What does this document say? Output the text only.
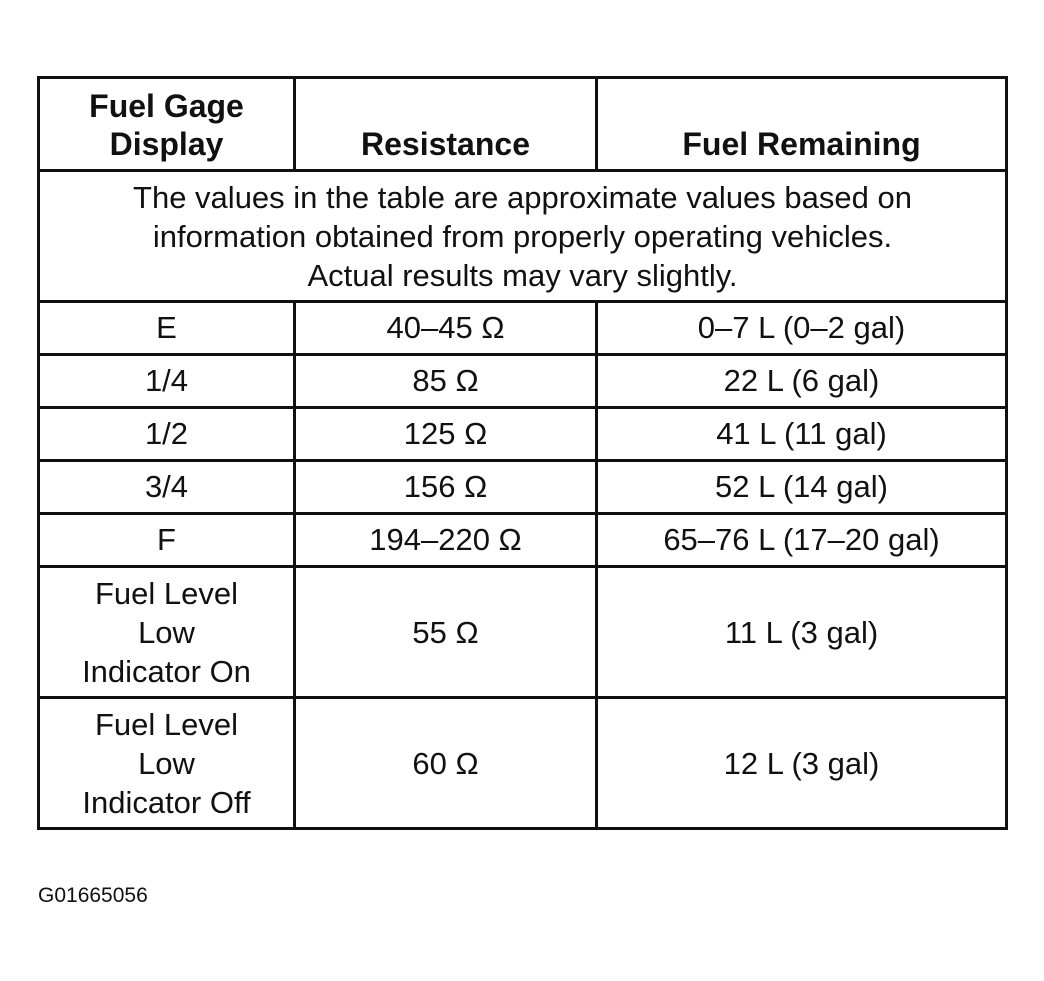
Fuel Gage
Display	Resistance	Fuel Remaining

The values in the table are approximate values based on
information obtained from properly operating vehicles.
Actual results may vary slightly.		

E	40–45 Ω	0–7 L (0–2 gal)
1/4	85 Ω	22 L (6 gal)
1/2	125 Ω	41 L (11 gal)
3/4	156 Ω	52 L (14 gal)
F	194–220 Ω	65–76 L (17–20 gal)

Fuel Level
Low
Indicator On	55 Ω	11 L (3 gal)

Fuel Level
Low
Indicator Off	60 Ω	12 L (3 gal)
G01665056
